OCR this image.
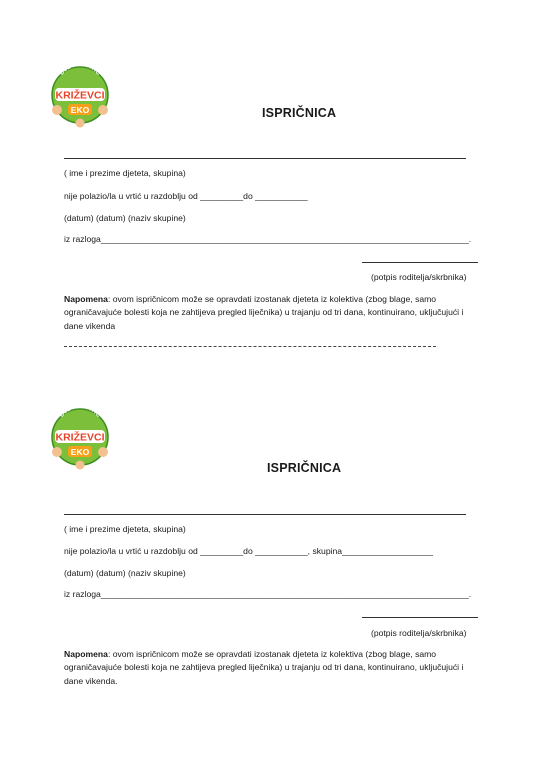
DJEČJI VRTIĆ
KRIŽEVCI
EKO	ISPRIČNICA
( ime i prezime djeteta, skupina)
nije polazio/la u vrtić u razdoblju od _________do ___________
(datum) (datum) (naziv skupine)
iz razloga_____________________________________________________________________________.
(potpis roditelja/skrbnika)
Napomena: ovom ispričnicom može se opravdati izostanak djeteta iz kolektiva (zbog blage, samo ograničavajuće bolesti koja ne zahtijeva pregled liječnika) u trajanju od tri dana, kontinuirano, uključujući i dane vikenda
DJEČJI VRTIĆ
KRIŽEVCI
EKO
ISPRIČNICA
( ime i prezime djeteta, skupina)
nije polazio/la u vrtić u razdoblju od _________do ___________, skupina___________________
(datum) (datum) (naziv skupine)
iz razloga_____________________________________________________________________________.
(potpis roditelja/skrbnika)
Napomena: ovom ispričnicom može se opravdati izostanak djeteta iz kolektiva (zbog blage, samo ograničavajuće bolesti koja ne zahtijeva pregled liječnika) u trajanju od tri dana, kontinuirano, uključujući i dane vikenda.
